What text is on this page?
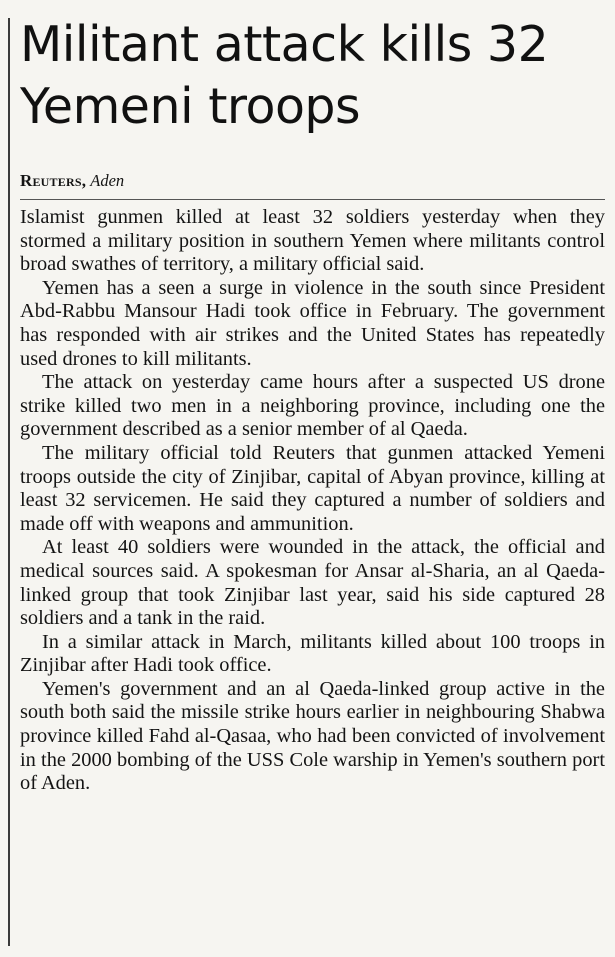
Militant attack kills 32 Yemeni troops
Reuters, Aden

Islamist gunmen killed at least 32 soldiers yesterday when they stormed a military position in southern Yemen where militants control broad swathes of territory, a military official said.

Yemen has a seen a surge in violence in the south since President Abd-Rabbu Mansour Hadi took office in February. The government has responded with air strikes and the United States has repeatedly used drones to kill militants.

The attack on yesterday came hours after a suspected US drone strike killed two men in a neighboring province, including one the government described as a senior member of al Qaeda.

The military official told Reuters that gunmen attacked Yemeni troops outside the city of Zinjibar, capital of Abyan province, killing at least 32 servicemen. He said they captured a number of soldiers and made off with weapons and ammunition.

At least 40 soldiers were wounded in the attack, the official and medical sources said. A spokesman for Ansar al-Sharia, an al Qaeda-linked group that took Zinjibar last year, said his side captured 28 soldiers and a tank in the raid.

In a similar attack in March, militants killed about 100 troops in Zinjibar after Hadi took office.

Yemen's government and an al Qaeda-linked group active in the south both said the missile strike hours earlier in neighbouring Shabwa province killed Fahd al-Qasaa, who had been convicted of involvement in the 2000 bombing of the USS Cole warship in Yemen's southern port of Aden.
